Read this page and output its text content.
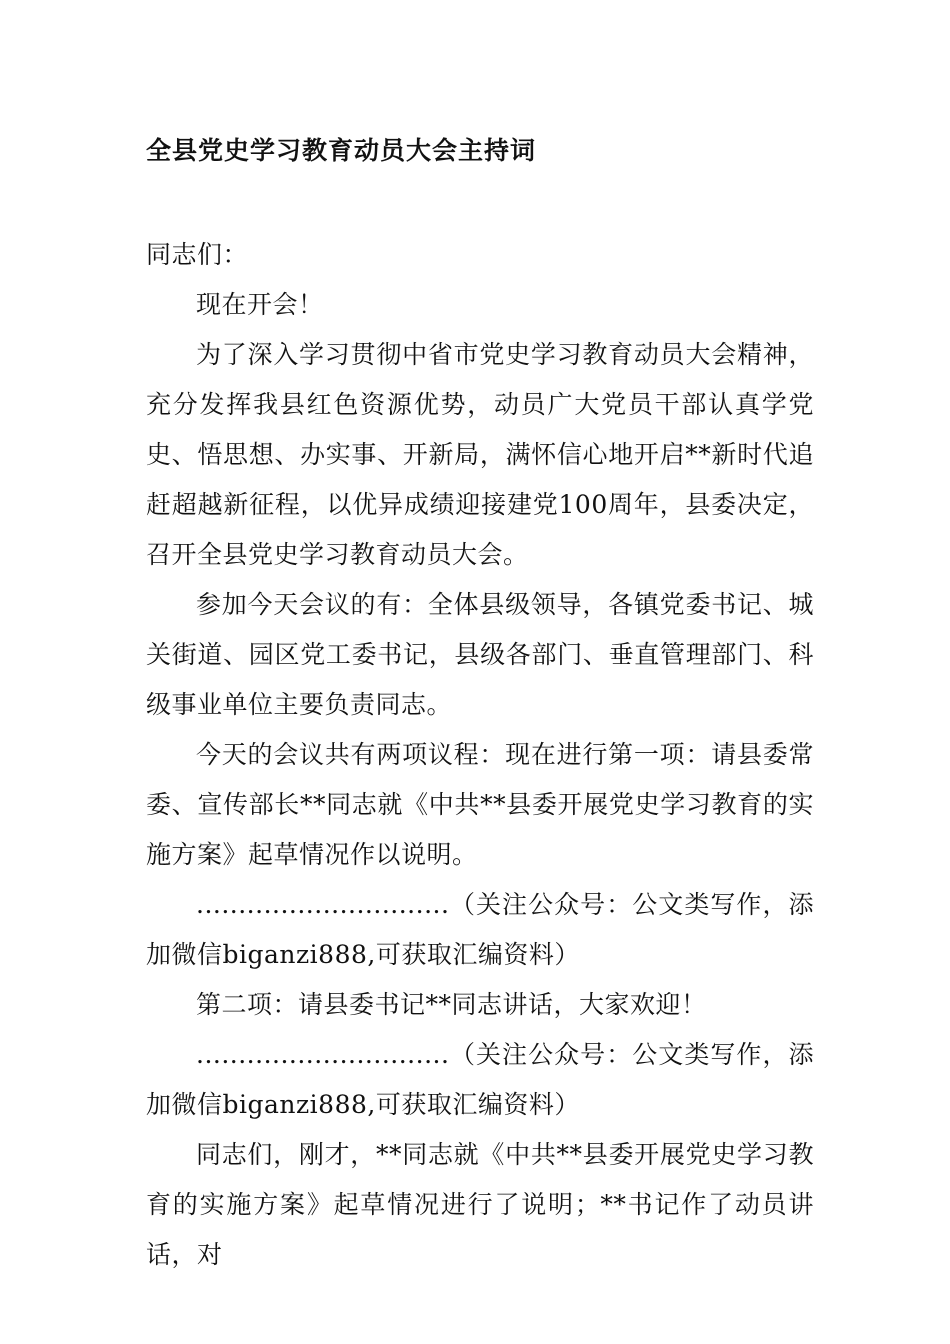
全县党史学习教育动员大会主持词

同志们：

现在开会！

为了深入学习贯彻中省市党史学习教育动员大会精神，充分发挥我县红色资源优势，动员广大党员干部认真学党史、悟思想、办实事、开新局，满怀信心地开启**新时代追赶超越新征程，以优异成绩迎接建党100周年，县委决定，召开全县党史学习教育动员大会。

参加今天会议的有：全体县级领导，各镇党委书记、城关街道、园区党工委书记，县级各部门、垂直管理部门、科级事业单位主要负责同志。

今天的会议共有两项议程：现在进行第一项：请县委常委、宣传部长**同志就《中共**县委开展党史学习教育的实施方案》起草情况作以说明。

..............................（关注公众号：公文类写作，添加微信biganzi888,可获取汇编资料）

第二项：请县委书记**同志讲话，大家欢迎！

..............................（关注公众号：公文类写作，添加微信biganzi888,可获取汇编资料）

同志们，刚才，**同志就《中共**县委开展党史学习教育的实施方案》起草情况进行了说明；**书记作了动员讲话，对
